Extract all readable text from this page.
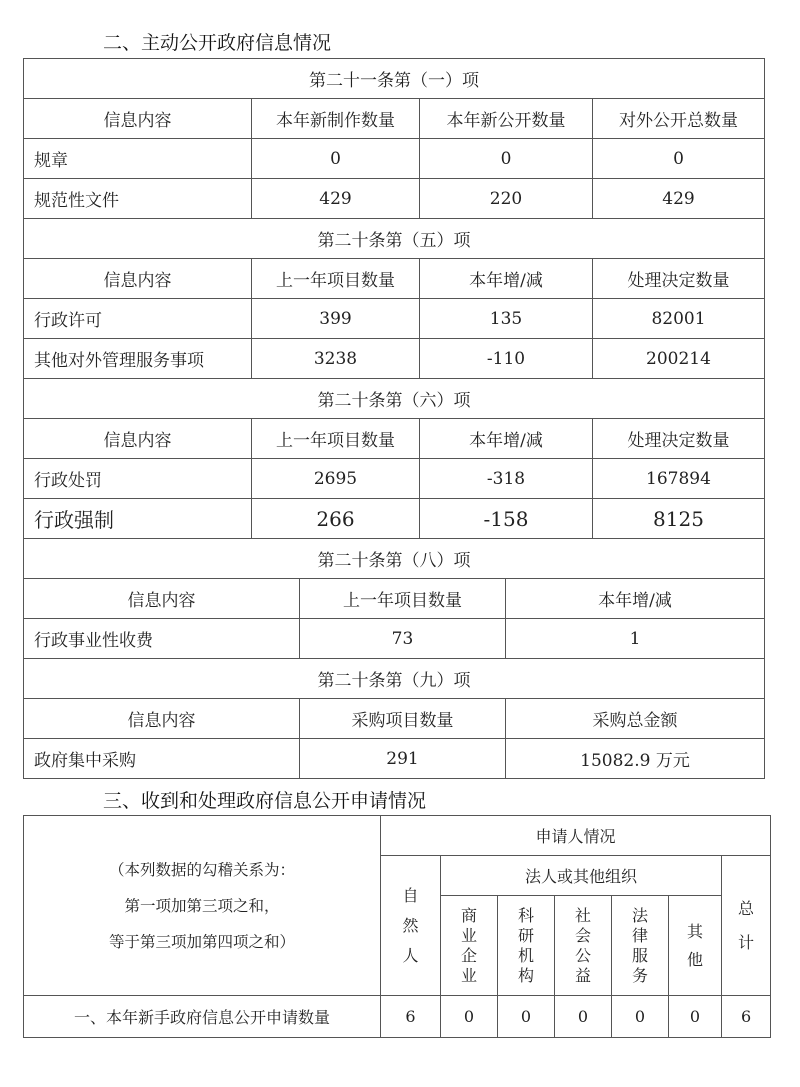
二、主动公开政府信息情况
第二十一条第（一）项					
信息内容	本年新制作数量		本年新公开数量		对外公开总数量
规章	0		0		0
规范性文件	429		220		429
第二十条第（五）项					
信息内容	上一年项目数量		本年增/减		处理决定数量
行政许可	399		135		82001
其他对外管理服务事项	3238		-110		200214
第二十条第（六）项					
信息内容	上一年项目数量		本年增/减		处理决定数量
行政处罚	2695		-318		167894
行政强制	266		-158		8125
第二十条第（八）项					
信息内容		上一年项目数量		本年增/减	
行政事业性收费		73		1	
第二十条第（九）项					
信息内容		采购项目数量		采购总金额	
政府集中采购		291		15082.9 万元	
三、收到和处理政府信息公开申请情况
（本列数据的勾稽关系为：
第一项加第三项之和，
等于第三项加第四项之和）	申请人情况						

	自然人	法人或其他组织					总计

		商业企业	科研机构	社会公益	法律服务	其他	

一、本年新手政府信息公开申请数量	6	0	0	0	0	0	6
